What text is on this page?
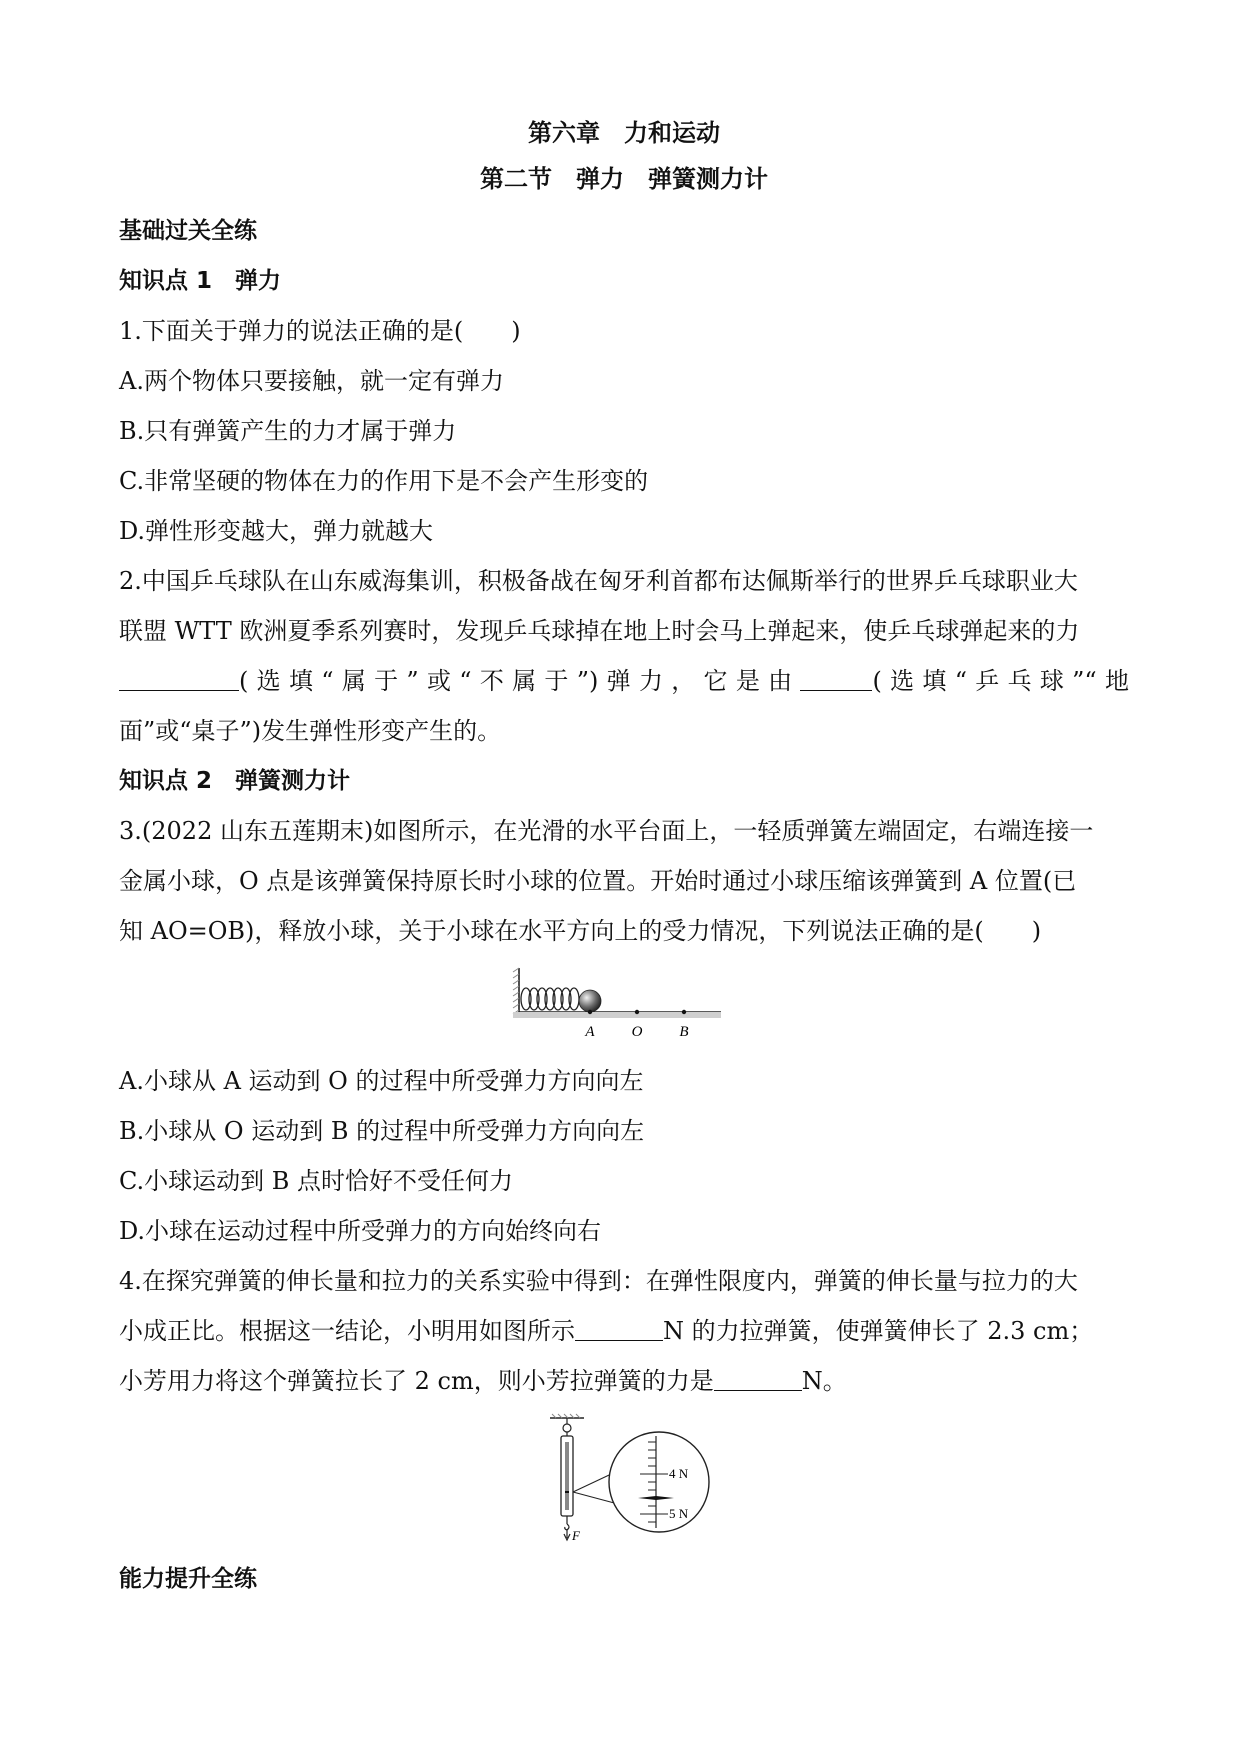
第六章　力和运动
第二节　弹力　弹簧测力计
基础过关全练
知识点 1　弹力
1.下面关于弹力的说法正确的是(　　)
A.两个物体只要接触，就一定有弹力
B.只有弹簧产生的力才属于弹力
C.非常坚硬的物体在力的作用下是不会产生形变的
D.弹性形变越大，弹力就越大
2.中国乒乓球队在山东威海集训，积极备战在匈牙利首都布达佩斯举行的世界乒乓球职业大
联盟 WTT 欧洲夏季系列赛时，发现乒乓球掉在地上时会马上弹起来，使乒乓球弹起来的力
(选填“属于”或“不属于”)弹力，它是由	(选填“乒乓球”“地
面”或“桌子”)发生弹性形变产生的。
知识点 2　弹簧测力计
3.(2022 山东五莲期末)如图所示，在光滑的水平台面上，一轻质弹簧左端固定，右端连接一
金属小球，O 点是该弹簧保持原长时小球的位置。开始时通过小球压缩该弹簧到 A 位置(已
知 AO=OB)，释放小球，关于小球在水平方向上的受力情况，下列说法正确的是(　　)
A O B
A.小球从 A 运动到 O 的过程中所受弹力方向向左
B.小球从 O 运动到 B 的过程中所受弹力方向向左
C.小球运动到 B 点时恰好不受任何力
D.小球在运动过程中所受弹力的方向始终向右
4.在探究弹簧的伸长量和拉力的关系实验中得到：在弹性限度内，弹簧的伸长量与拉力的大
小成正比。根据这一结论，小明用如图所示	N 的力拉弹簧，使弹簧伸长了 2.3 cm；
小芳用力将这个弹簧拉长了 2 cm，则小芳拉弹簧的力是	N。
F
4 N
5 N
能力提升全练
